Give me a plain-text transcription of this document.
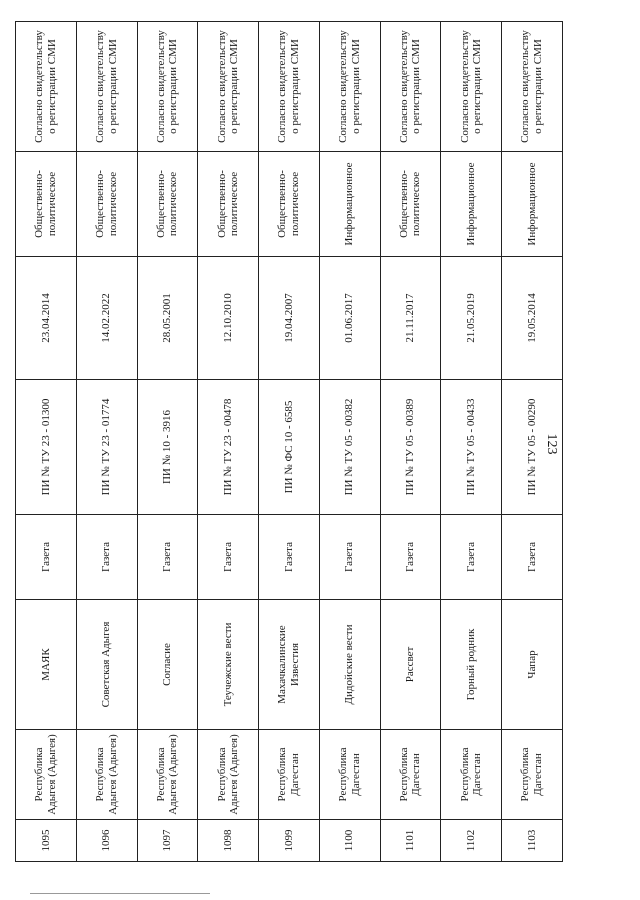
123
1095	Республика Адыгея (Адыгея)	МАЯК	Газета	ПИ № ТУ 23 - 01300	23.04.2014	Общественно-политическое	Согласно свидетельству о регистрации СМИ
1096	Республика Адыгея (Адыгея)	Советская Адыгея	Газета	ПИ № ТУ 23 - 01774	14.02.2022	Общественно-политическое	Согласно свидетельству о регистрации СМИ
1097	Республика Адыгея (Адыгея)	Согласие	Газета	ПИ № 10 - 3916	28.05.2001	Общественно-политическое	Согласно свидетельству о регистрации СМИ
1098	Республика Адыгея (Адыгея)	Теучежские вести	Газета	ПИ № ТУ 23 - 00478	12.10.2010	Общественно-политическое	Согласно свидетельству о регистрации СМИ
1099	Республика Дагестан	Махачкалинские Известия	Газета	ПИ № ФС 10 - 6585	19.04.2007	Общественно-политическое	Согласно свидетельству о регистрации СМИ
1100	Республика Дагестан	Дидойские вести	Газета	ПИ № ТУ 05 - 00382	01.06.2017	Информационное	Согласно свидетельству о регистрации СМИ
1101	Республика Дагестан	Рассвет	Газета	ПИ № ТУ 05 - 00389	21.11.2017	Общественно-политическое	Согласно свидетельству о регистрации СМИ
1102	Республика Дагестан	Горный родник	Газета	ПИ № ТУ 05 - 00433	21.05.2019	Информационное	Согласно свидетельству о регистрации СМИ
1103	Республика Дагестан	Чапар	Газета	ПИ № ТУ 05 - 00290	19.05.2014	Информационное	Согласно свидетельству о регистрации СМИ
